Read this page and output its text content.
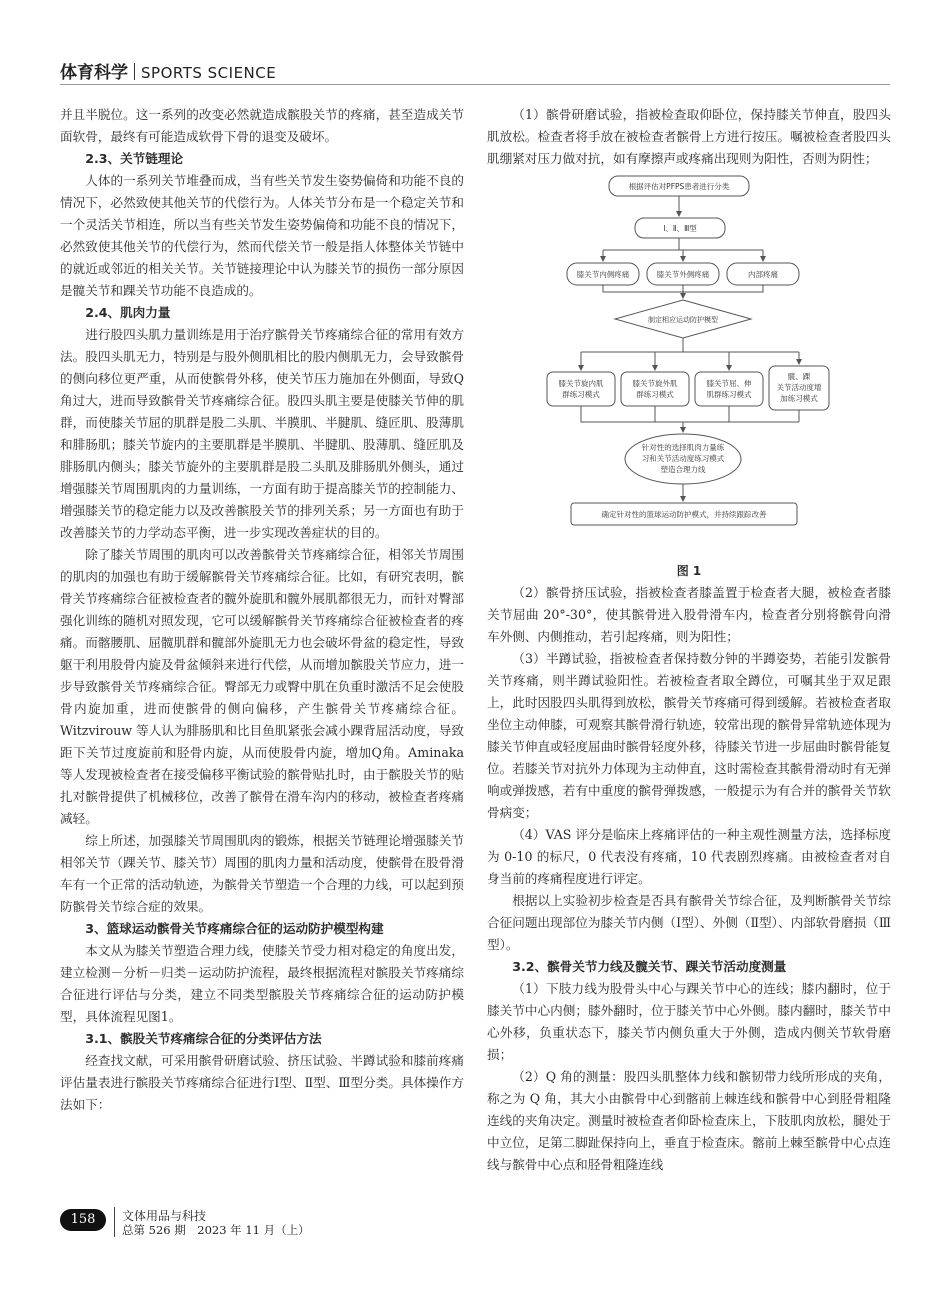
体育科学 SPORTS SCIENCE

并且半脱位。这一系列的改变必然就造成髌股关节的疼痛，甚至造成关节面软骨，最终有可能造成软骨下骨的退变及破坏。

2.3、关节链理论

人体的一系列关节堆叠而成，当有些关节发生姿势偏倚和功能不良的情况下，必然致使其他关节的代偿行为。人体关节分布是一个稳定关节和一个灵活关节相连，所以当有些关节发生姿势偏倚和功能不良的情况下，必然致使其他关节的代偿行为，然而代偿关节一般是指人体整体关节链中的就近或邻近的相关关节。关节链接理论中认为膝关节的损伤一部分原因是髋关节和踝关节功能不良造成的。

2.4、肌肉力量

进行股四头肌力量训练是用于治疗髌骨关节疼痛综合征的常用有效方法。股四头肌无力，特别是与股外侧肌相比的股内侧肌无力，会导致髌骨的侧向移位更严重，从而使髌骨外移，使关节压力施加在外侧面，导致Q角过大，进而导致髌骨关节疼痛综合征。股四头肌主要是使膝关节伸的肌群，而使膝关节屈的肌群是股二头肌、半膜肌、半腱肌、缝匠肌、股薄肌和腓肠肌；膝关节旋内的主要肌群是半膜肌、半腱肌、股薄肌、缝匠肌及腓肠肌内侧头；膝关节旋外的主要肌群是股二头肌及腓肠肌外侧头，通过增强膝关节周围肌肉的力量训练，一方面有助于提高膝关节的控制能力、增强膝关节的稳定能力以及改善髌股关节的排列关系；另一方面也有助于改善膝关节的力学动态平衡，进一步实现改善症状的目的。

除了膝关节周围的肌肉可以改善髌骨关节疼痛综合征，相邻关节周围的肌肉的加强也有助于缓解髌骨关节疼痛综合征。比如，有研究表明，髌骨关节疼痛综合征被检查者的髋外旋肌和髋外展肌都很无力，而针对臀部强化训练的随机对照发现，它可以缓解髌骨关节疼痛综合征被检查者的疼痛。而髂腰肌、屈髋肌群和髋部外旋肌无力也会破坏骨盆的稳定性，导致躯干利用股骨内旋及骨盆倾斜来进行代偿，从而增加髌股关节应力，进一步导致髌骨关节疼痛综合征。臀部无力或臀中肌在负重时激活不足会使股骨内旋加重，进而使髌骨的侧向偏移，产生髌骨关节疼痛综合征。Witzvirouw 等人认为腓肠肌和比目鱼肌紧张会减小踝背屈活动度，导致距下关节过度旋前和胫骨内旋，从而使股骨内旋，增加Q角。Aminaka 等人发现被检查者在接受偏移平衡试验的髌骨贴扎时，由于髌股关节的贴扎对髌骨提供了机械移位，改善了髌骨在滑车沟内的移动，被检查者疼痛减轻。

综上所述，加强膝关节周围肌肉的锻炼，根据关节链理论增强膝关节相邻关节（踝关节、膝关节）周围的肌肉力量和活动度，使髌骨在股骨滑车有一个正常的活动轨迹，为髌骨关节塑造一个合理的力线，可以起到预防髌骨关节综合症的效果。

3、篮球运动髌骨关节疼痛综合征的运动防护模型构建

本文从为膝关节塑造合理力线，使膝关节受力相对稳定的角度出发，建立检测－分析－归类－运动防护流程，最终根据流程对髌股关节疼痛综合征进行评估与分类，建立不同类型髌股关节疼痛综合征的运动防护模型，具体流程见图1。

3.1、髌股关节疼痛综合征的分类评估方法

经查找文献，可采用髌骨研磨试验、挤压试验、半蹲试验和膝前疼痛评估量表进行髌股关节疼痛综合征进行Ⅰ型、Ⅱ型、Ⅲ型分类。具体操作方法如下：

（1）髌骨研磨试验，指被检查取仰卧位，保持膝关节伸直，股四头肌放松。检查者将手放在被检查者髌骨上方进行按压。嘱被检查者股四头肌绷紧对压力做对抗，如有摩擦声或疼痛出现则为阳性，否则为阴性；

根据评估对PFPS患者进行分类
Ⅰ、Ⅱ、Ⅲ型
膝关节内侧疼痛	膝关节外侧疼痛	内部疼痛
制定相应运动防护模型
膝关节旋内肌
群练习模式
膝关节旋外肌
群练习模式
膝关节屈、伸
肌群练习模式
髋、踝
关节活动度增
加练习模式
针对性的选择肌肉力量练
习和关节活动度练习模式
塑造合理力线
确定针对性的篮球运动防护模式，并持续跟踪改善
图 1

（2）髌骨挤压试验，指被检查者膝盖置于检查者大腿，被检查者膝关节屈曲 20°-30°，使其髌骨进入股骨滑车内，检查者分别将髌骨向滑车外侧、内侧推动，若引起疼痛，则为阳性；

（3）半蹲试验，指被检查者保持数分钟的半蹲姿势，若能引发髌骨关节疼痛，则半蹲试验阳性。若被检查者取全蹲位，可嘱其坐于双足跟上，此时因股四头肌得到放松，髌骨关节疼痛可得到缓解。若被检查者取坐位主动伸膝，可观察其髌骨滑行轨迹，较常出现的髌骨异常轨迹体现为膝关节伸直或轻度屈曲时髌骨轻度外移，待膝关节进一步屈曲时髌骨能复位。若膝关节对抗外力体现为主动伸直，这时需检查其髌骨滑动时有无弹响或弹拨感，若有中重度的髌骨弹拨感，一般提示为有合并的髌骨关节软骨病变；

（4）VAS 评分是临床上疼痛评估的一种主观性测量方法，选择标度为 0-10 的标尺，0 代表没有疼痛，10 代表剧烈疼痛。由被检查者对自身当前的疼痛程度进行评定。

根据以上实验初步检查是否具有髌骨关节综合征，及判断髌骨关节综合征问题出现部位为膝关节内侧（Ⅰ型）、外侧（Ⅱ型）、内部软骨磨损（Ⅲ型）。

3.2、髌骨关节力线及髋关节、踝关节活动度测量

（1）下肢力线为股骨头中心与踝关节中心的连线；膝内翻时，位于膝关节中心内侧；膝外翻时，位于膝关节中心外侧。膝内翻时，膝关节中心外移，负重状态下，膝关节内侧负重大于外侧，造成内侧关节软骨磨损；

（2）Q 角的测量：股四头肌整体力线和髌韧带力线所形成的夹角，称之为 Q 角，其大小由髌骨中心到髂前上棘连线和髌骨中心到胫骨粗隆连线的夹角决定。测量时被检查者仰卧检查床上，下肢肌肉放松，腿处于中立位，足第二脚趾保持向上，垂直于检查床。髂前上棘至髌骨中心点连线与髌骨中心点和胫骨粗隆连线

158	文体用品与科技
总第 526 期　2023 年 11 月（上）
